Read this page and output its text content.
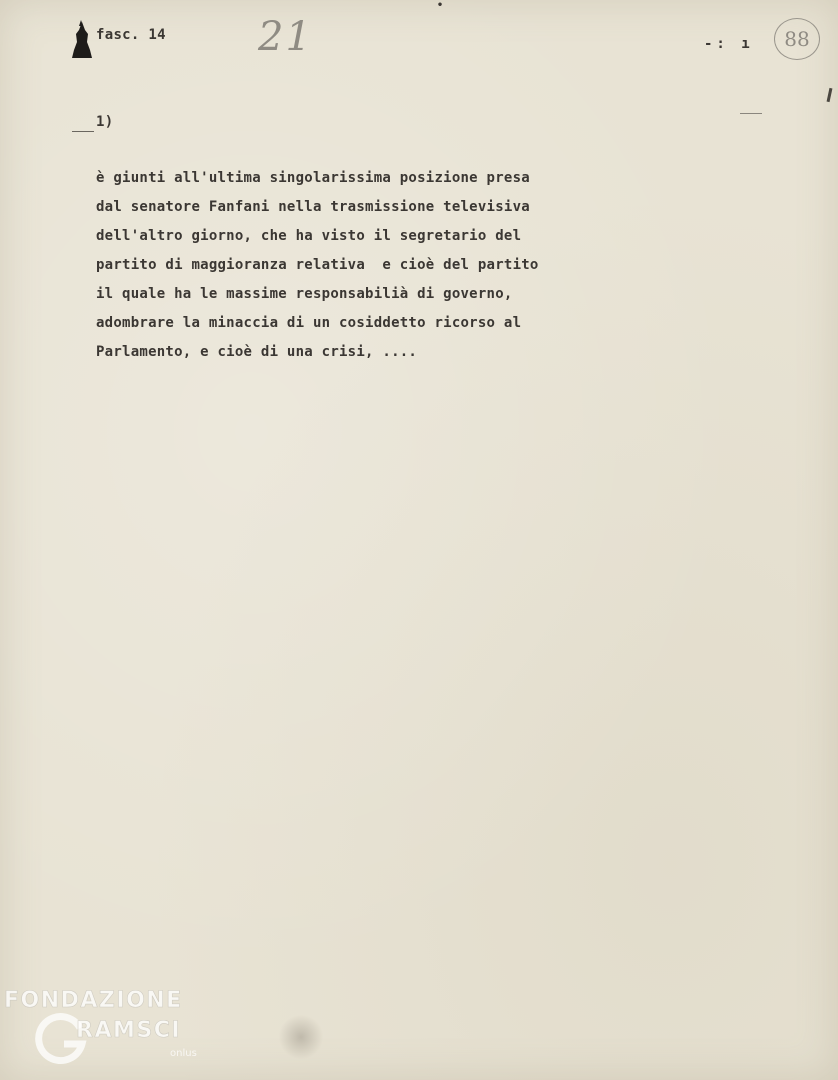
•
fasc. 14 21	-: ı	88
1)
è giunti all'ultima singolarissima posizione presa
dal senatore Fanfani nella trasmissione televisiva
dell'altro giorno, che ha visto il segretario del
partito di maggioranza relativa  e cioè del partito
il quale ha le massime responsabilià di governo,
adombrare la minaccia di un cosiddetto ricorso al
Parlamento, e cioè di una crisi, ....
FONDAZIONE
RAMSCI
onlus
